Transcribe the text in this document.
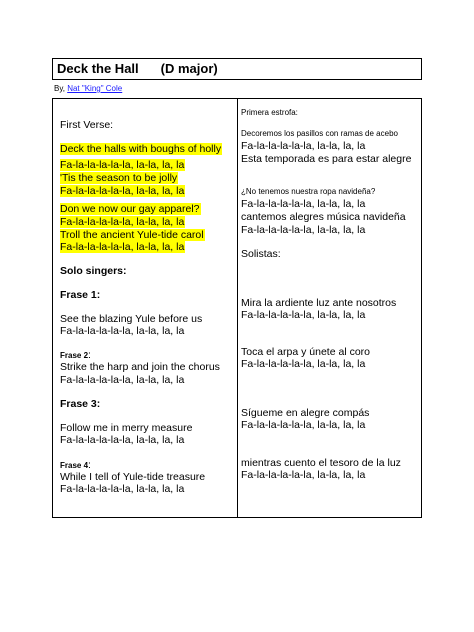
Deck the Hall (D major)
By, Nat "King" Cole
First Verse:
Deck the halls with boughs of holly
Fa-la-la-la-la-la, la-la, la, la
'Tis the season to be jolly
Fa-la-la-la-la-la, la-la, la, la
Don we now our gay apparel?
Fa-la-la-la-la-la, la-la, la, la
Troll the ancient Yule-tide carol
Fa-la-la-la-la-la, la-la, la, la
Solo singers:
Frase 1:
See the blazing Yule before us
Fa-la-la-la-la-la, la-la, la, la
Frase 2:
Strike the harp and join the chorus
Fa-la-la-la-la-la, la-la, la, la
Frase 3:
Follow me in merry measure
Fa-la-la-la-la-la, la-la, la, la
Frase 4:
While I tell of Yule-tide treasure
Fa-la-la-la-la-la, la-la, la, la
Primera estrofa:
Decoremos los pasillos con ramas de acebo
Fa-la-la-la-la-la, la-la, la, la
Esta temporada es para estar alegre
¿No tenemos nuestra ropa navideña?
Fa-la-la-la-la-la, la-la, la, la
cantemos alegres música navideña
Fa-la-la-la-la-la, la-la, la, la
Solistas:
Mira la ardiente luz ante nosotros
Fa-la-la-la-la-la, la-la, la, la
Toca el arpa y únete al coro
Fa-la-la-la-la-la, la-la, la, la
Sígueme en alegre compás
Fa-la-la-la-la-la, la-la, la, la
mientras cuento el tesoro de la luz
Fa-la-la-la-la-la, la-la, la, la
